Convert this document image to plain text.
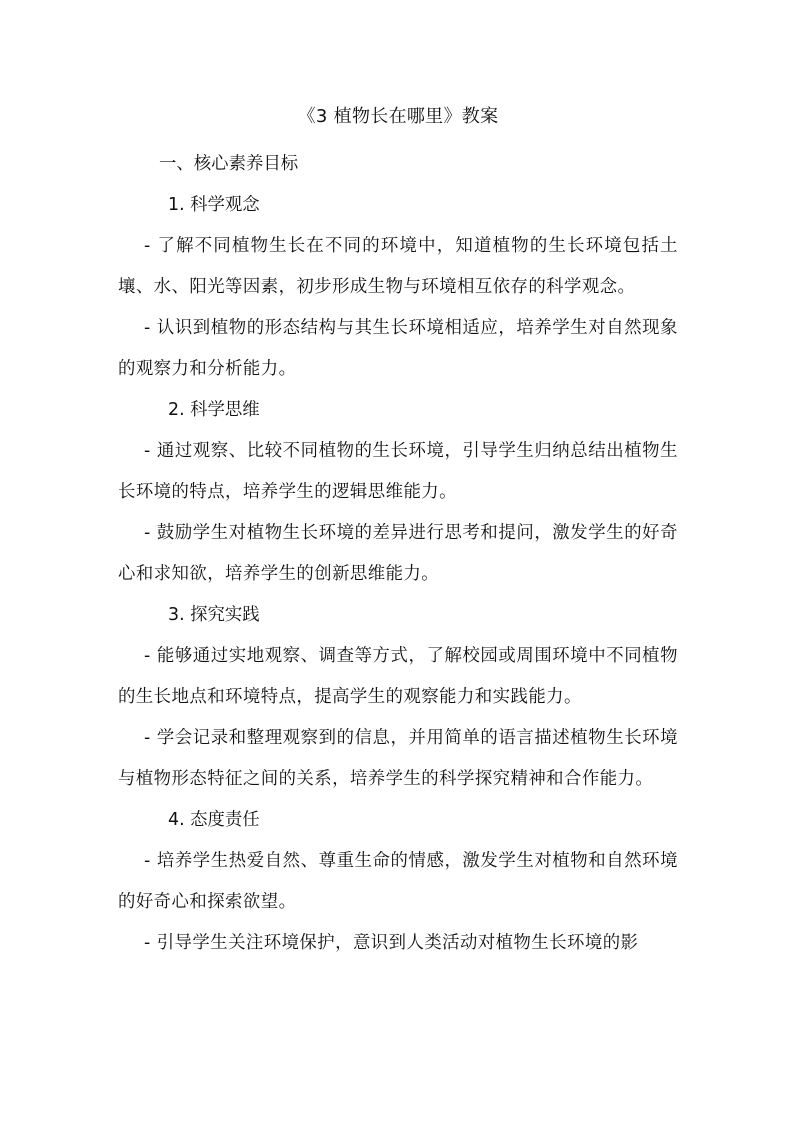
《3 植物长在哪里》教案

一、核心素养目标

1. 科学观念

- 了解不同植物生长在不同的环境中，知道植物的生长环境包括土壤、水、阳光等因素，初步形成生物与环境相互依存的科学观念。

- 认识到植物的形态结构与其生长环境相适应，培养学生对自然现象的观察力和分析能力。

2. 科学思维

- 通过观察、比较不同植物的生长环境，引导学生归纳总结出植物生长环境的特点，培养学生的逻辑思维能力。

- 鼓励学生对植物生长环境的差异进行思考和提问，激发学生的好奇心和求知欲，培养学生的创新思维能力。

3. 探究实践

- 能够通过实地观察、调查等方式，了解校园或周围环境中不同植物的生长地点和环境特点，提高学生的观察能力和实践能力。

- 学会记录和整理观察到的信息，并用简单的语言描述植物生长环境与植物形态特征之间的关系，培养学生的科学探究精神和合作能力。

4. 态度责任

- 培养学生热爱自然、尊重生命的情感，激发学生对植物和自然环境的好奇心和探索欲望。

- 引导学生关注环境保护，意识到人类活动对植物生长环境的影
